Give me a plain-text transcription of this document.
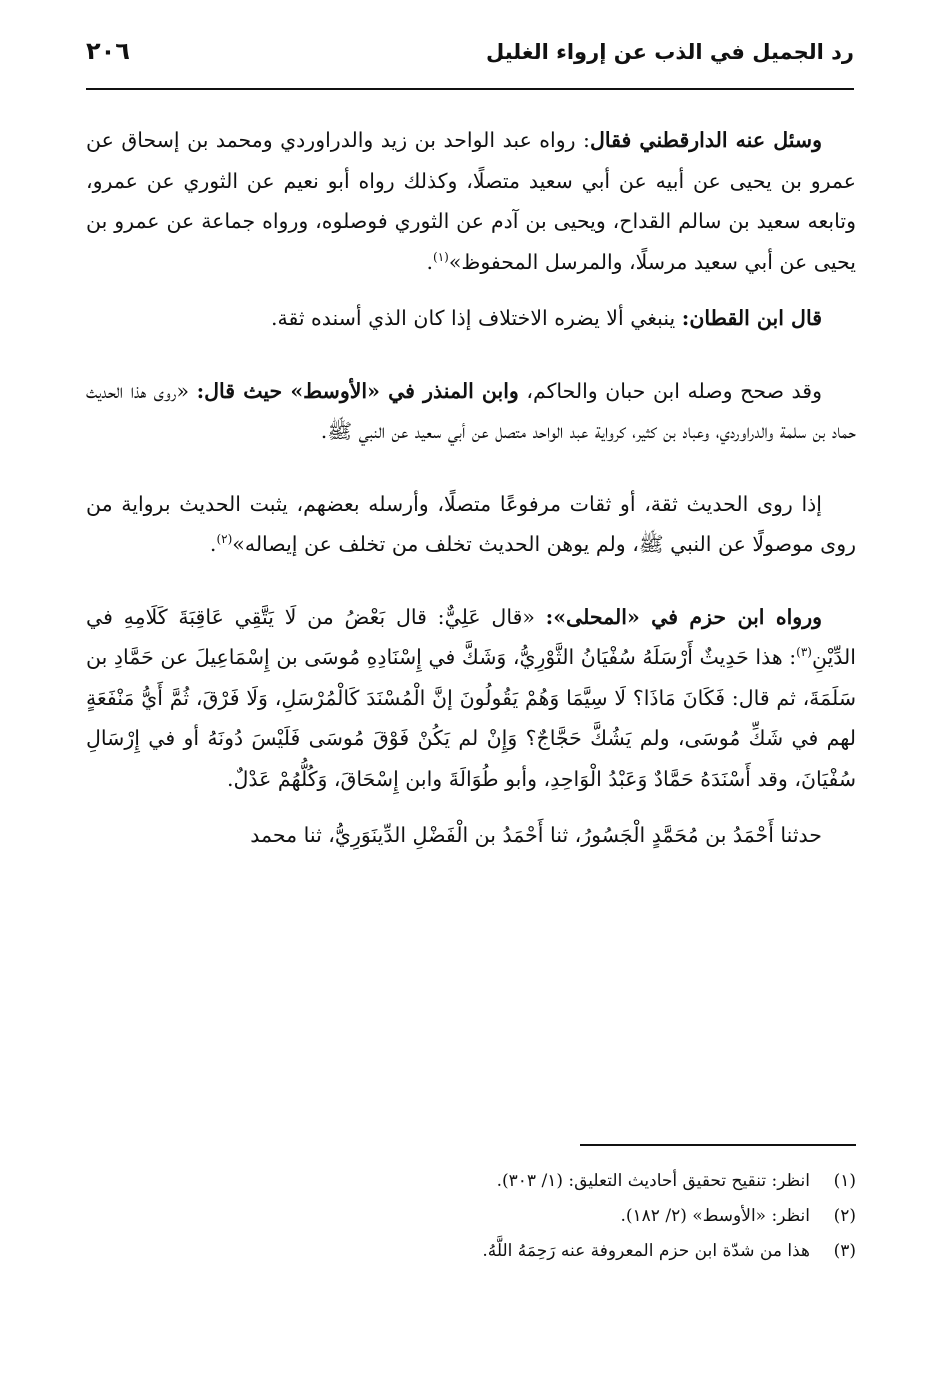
رد الجميل في الذب عن إرواء الغليل
٢٠٦

وسئل عنه الدارقطني فقال: رواه عبد الواحد بن زيد والدراوردي ومحمد بن إسحاق عن عمرو بن يحيى عن أبيه عن أبي سعيد متصلًا، وكذلك رواه أبو نعيم عن الثوري عن عمرو، وتابعه سعيد بن سالم القداح، ويحيى بن آدم عن الثوري فوصلوه، ورواه جماعة عن عمرو بن يحيى عن أبي سعيد مرسلًا، والمرسل المحفوظ»$^{(١)}$.

قال ابن القطان: ينبغي ألا يضره الاختلاف إذا كان الذي أسنده ثقة.

وقد صحح وصله ابن حبان والحاكم، وابن المنذر في «الأوسط» حيث قال: «روى هذا الحديث حماد بن سلمة والدراوردي، وعباد بن كثير، كرواية عبد الواحد متصل عن أبي سعيد عن النبي ﷺ.

إذا روى الحديث ثقة، أو ثقات مرفوعًا متصلًا، وأرسله بعضهم، يثبت الحديث برواية من روى موصولًا عن النبي ﷺ، ولم يوهن الحديث تخلف من تخلف عن إيصاله»$^{(٢)}$.

ورواه ابن حزم في «المحلى»: «قال عَلِيٌّ: قال بَعْضُ من لَا يَتَّقِي عَاقِبَةَ كَلَامِهِ في الدِّيْنِ$^{(٣)}$: هذا حَدِيثٌ أَرْسَلَهُ سُفْيَانُ الثَّوْرِيُّ، وَشَكَّ في إِسْنَادِهِ مُوسَى بن إِسْمَاعِيلَ عن حَمَّادِ بن سَلَمَةَ، ثم قال: فَكَانَ مَاذَا؟ لَا سِيَّمَا وَهُمْ يَقُولُونَ إنَّ الْمُسْنَدَ كَالْمُرْسَلِ، وَلَا فَرْقَ، ثُمَّ أَيُّ مَنْفَعَةٍ لهم في شَكِّ مُوسَى، ولم يَشُكَّ حَجَّاجٌ؟ وَإِنْ لم يَكُنْ فَوْقَ مُوسَى فَلَيْسَ دُونَهُ أو في إِرْسَالِ سُفْيَانَ، وقد أَسْنَدَهُ حَمَّادٌ وَعَبْدُ الْوَاحِدِ، وأبو طُوَالَةَ وابن إِسْحَاقَ، وَكُلُّهُمْ عَدْلٌ.

حدثنا أَحْمَدُ بن مُحَمَّدٍ الْجَسُورُ، ثنا أَحْمَدُ بن الْفَضْلِ الدِّينَوَرِيُّ، ثنا محمد

(١)
انظر: تنقيح تحقيق أحاديث التعليق: (١/ ٣٠٣).
(٢)
انظر: «الأوسط» (٢/ ١٨٢).
(٣)
هذا من شدّة ابن حزم المعروفة عنه رَحِمَهُ اللَّهُ.
